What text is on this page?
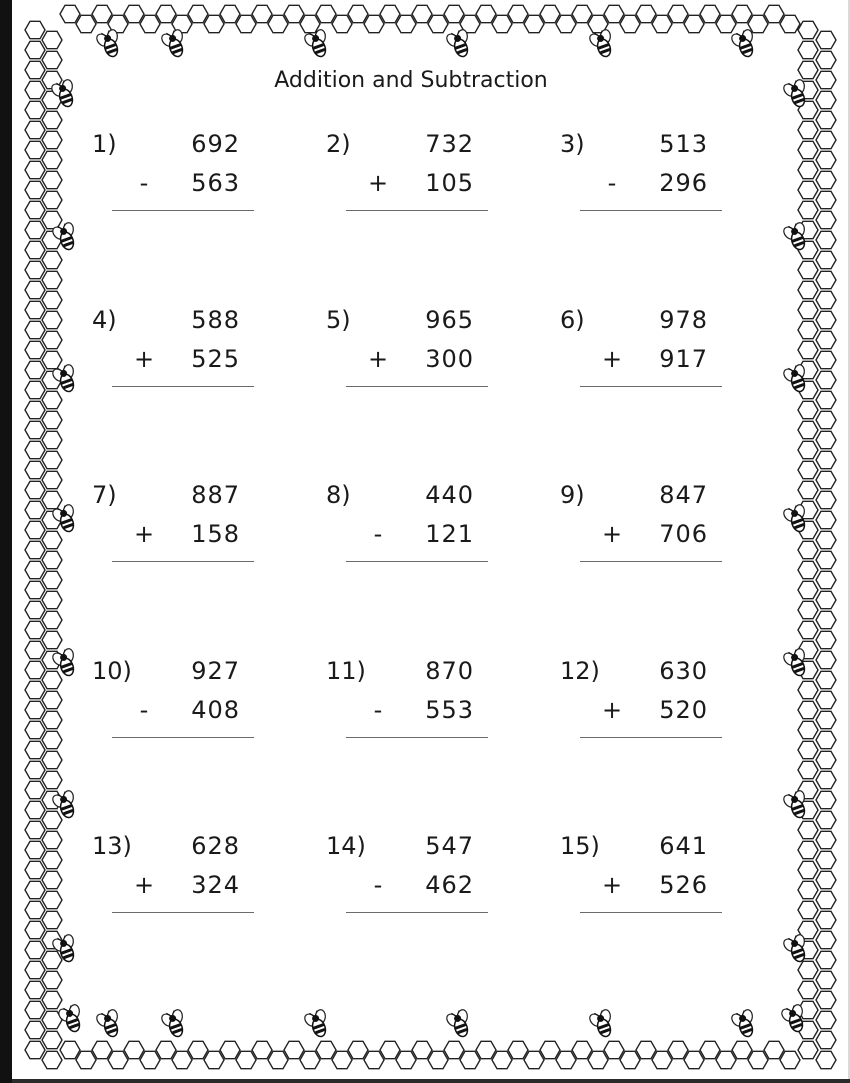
Addition and Subtraction
1)	692
- 563
2)	732
+ 105
3)	513
- 296
4)	588
+ 525
5)	965
+ 300
6)	978
+ 917
7)	887
+ 158
8)	440
- 121
9)	847
+ 706
10) 927
- 408
11) 870
- 553
12) 630
+ 520
13) 628
+ 324
14) 547
- 462
15) 641
+ 526
